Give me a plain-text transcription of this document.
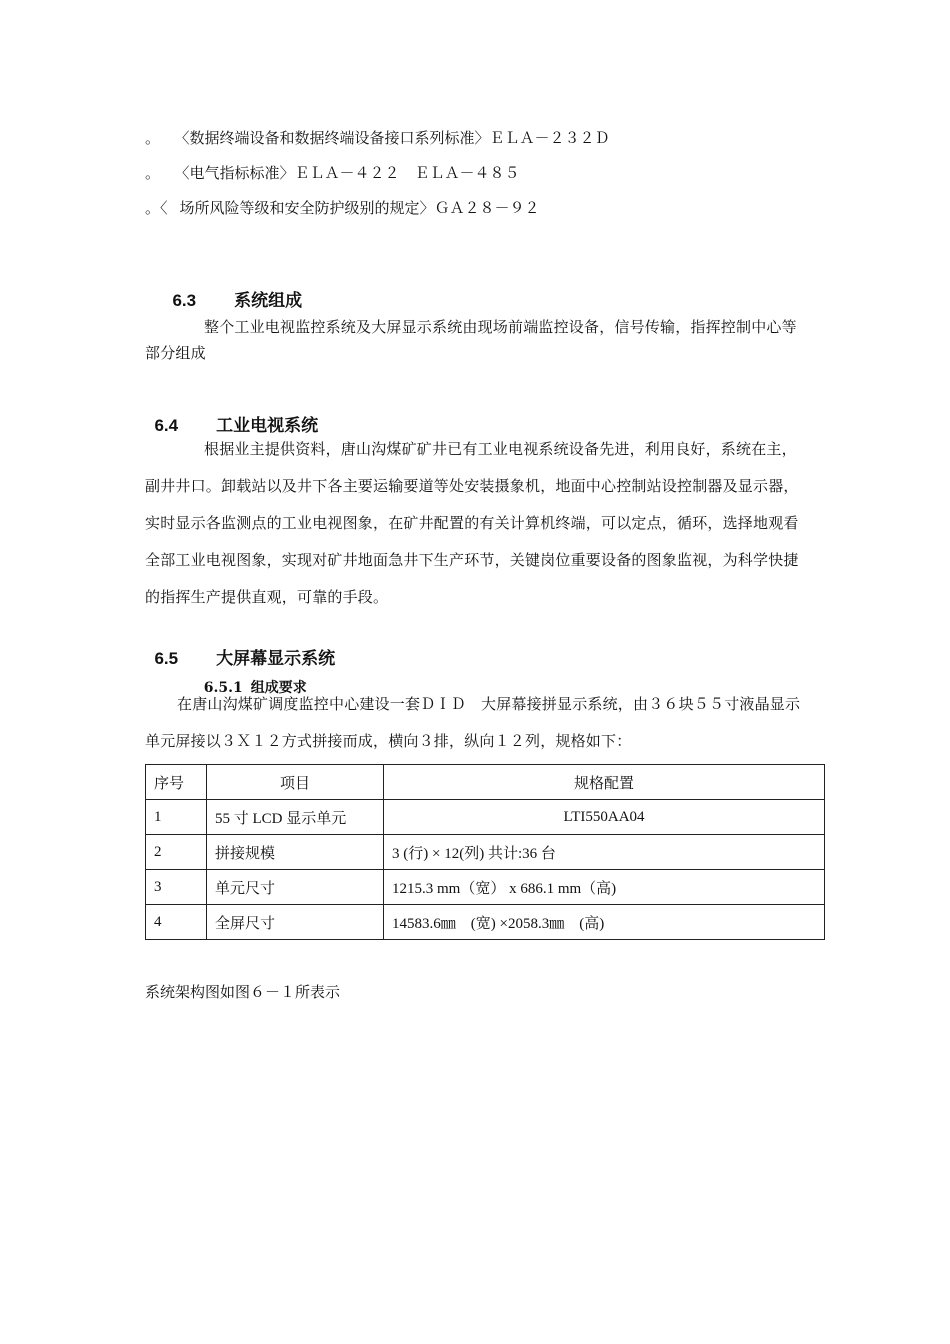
。 〈数据终端设备和数据终端设备接口系列标准〉ＥＬＡ－２３２Ｄ
。 〈电气指标标准〉ＥＬＡ－４２２　ＥＬＡ－４８５
。〈 场所风险等级和安全防护级别的规定〉ＧＡ２８－９２

6.3 系统组成

整个工业电视监控系统及大屏显示系统由现场前端监控设备，信号传输，指挥控制中心等部分组成

6.4 工业电视系统

根据业主提供资料，唐山沟煤矿矿井已有工业电视系统设备先进，利用良好，系统在主，副井井口。卸载站以及井下各主要运输要道等处安装摄象机，地面中心控制站设控制器及显示器，实时显示各监测点的工业电视图象，在矿井配置的有关计算机终端，可以定点，循环，选择地观看全部工业电视图象，实现对矿井地面急井下生产环节，关键岗位重要设备的图象监视，为科学快捷的指挥生产提供直观，可靠的手段。

6.5 大屏幕显示系统

6.5.1 组成要求

在唐山沟煤矿调度监控中心建设一套ＤＩＤ　大屏幕接拼显示系统，由３６块５５寸液晶显示单元屏接以３Ｘ１２方式拼接而成，横向３排，纵向１２列，规格如下：
序号	项目	规格配置
1	55 寸 LCD 显示单元	LTI550AA04
2	拼接规模	3 (行) × 12(列) 共计:36 台
3	单元尺寸	1215.3 mm（宽） x 686.1 mm（高)
4	全屏尺寸	14583.6㎜　(宽) ×2058.3㎜　(高)
系统架构图如图６－１所表示
